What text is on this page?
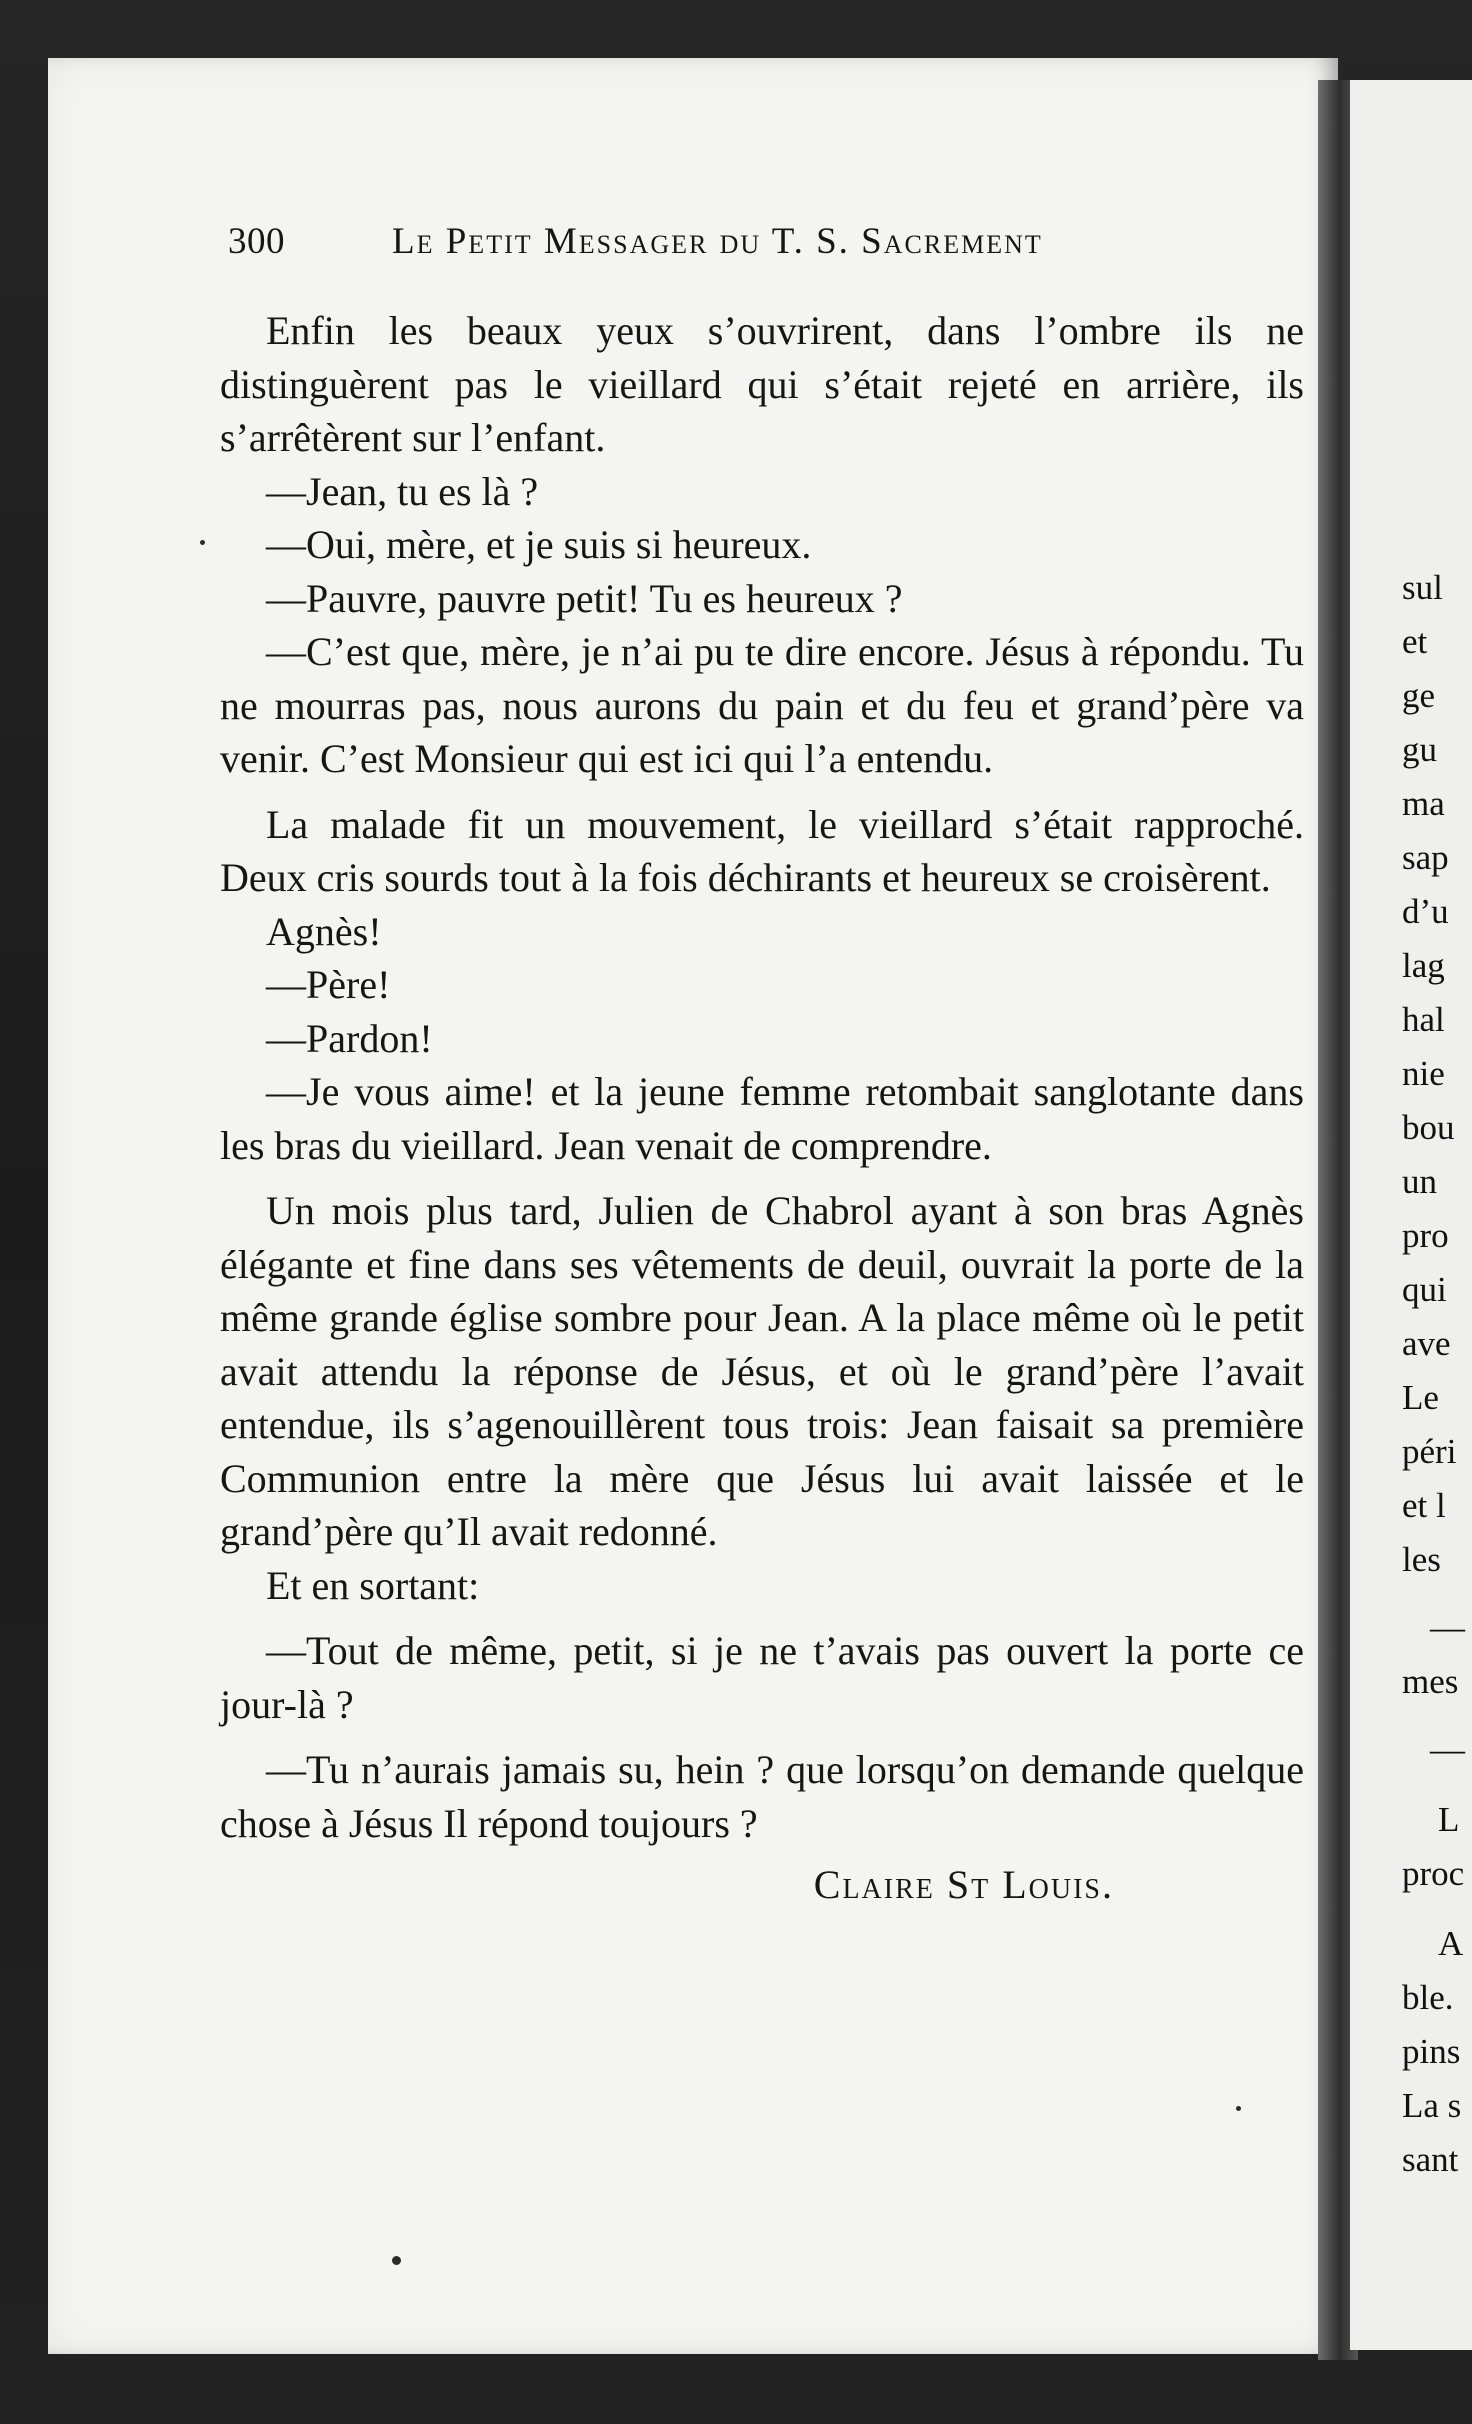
sul
et
ge
gu
ma
sap
d’u
lag
hal
nie
bou
un
pro
qui
ave
Le
péri
et l
les
—
mes
—
L
proc
A
ble.
pins
La s
sant
300	Le Petit Messager du T. S. Sacrement

Enfin les beaux yeux s’ouvrirent, dans l’ombre ils ne distinguèrent pas le vieillard qui s’était rejeté en arrière, ils s’arrêtèrent sur l’enfant.

—Jean, tu es là ?

—Oui, mère, et je suis si heureux.

—Pauvre, pauvre petit! Tu es heureux ?

—C’est que, mère, je n’ai pu te dire encore. Jésus à répondu. Tu ne mourras pas, nous aurons du pain et du feu et grand’père va venir. C’est Monsieur qui est ici qui l’a entendu.

La malade fit un mouvement, le vieillard s’était rapproché. Deux cris sourds tout à la fois déchirants et heureux se croisèrent.

Agnès!

—Père!

—Pardon!

—Je vous aime! et la jeune femme retombait sanglotante dans les bras du vieillard. Jean venait de comprendre.

Un mois plus tard, Julien de Chabrol ayant à son bras Agnès élégante et fine dans ses vêtements de deuil, ouvrait la porte de la même grande église sombre pour Jean. A la place même où le petit avait attendu la réponse de Jésus, et où le grand’père l’avait entendue, ils s’agenouillèrent tous trois: Jean faisait sa première Communion entre la mère que Jésus lui avait laissée et le grand’père qu’Il avait redonné.

Et en sortant:

—Tout de même, petit, si je ne t’avais pas ouvert la porte ce jour-là ?

—Tu n’aurais jamais su, hein ? que lorsqu’on demande quelque chose à Jésus Il répond toujours ?

Claire St Louis.
